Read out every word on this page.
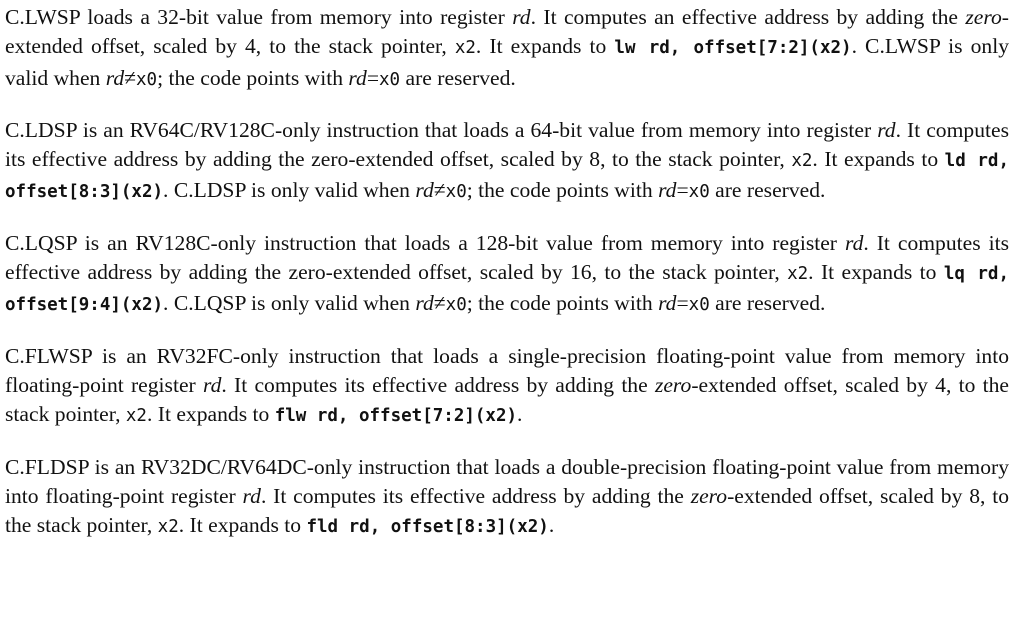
C.LWSP loads a 32-bit value from memory into register rd. It computes an effective address by adding the zero-extended offset, scaled by 4, to the stack pointer, x2. It expands to lw rd, offset[7:2](x2). C.LWSP is only valid when rd≠x0; the code points with rd=x0 are reserved.

C.LDSP is an RV64C/RV128C-only instruction that loads a 64-bit value from memory into register rd. It computes its effective address by adding the zero-extended offset, scaled by 8, to the stack pointer, x2. It expands to ld rd, offset[8:3](x2). C.LDSP is only valid when rd≠x0; the code points with rd=x0 are reserved.

C.LQSP is an RV128C-only instruction that loads a 128-bit value from memory into register rd. It computes its effective address by adding the zero-extended offset, scaled by 16, to the stack pointer, x2. It expands to lq rd, offset[9:4](x2). C.LQSP is only valid when rd≠x0; the code points with rd=x0 are reserved.

C.FLWSP is an RV32FC-only instruction that loads a single-precision floating-point value from memory into floating-point register rd. It computes its effective address by adding the zero-extended offset, scaled by 4, to the stack pointer, x2. It expands to flw rd, offset[7:2](x2).

C.FLDSP is an RV32DC/RV64DC-only instruction that loads a double-precision floating-point value from memory into floating-point register rd. It computes its effective address by adding the zero-extended offset, scaled by 8, to the stack pointer, x2. It expands to fld rd, offset[8:3](x2).
